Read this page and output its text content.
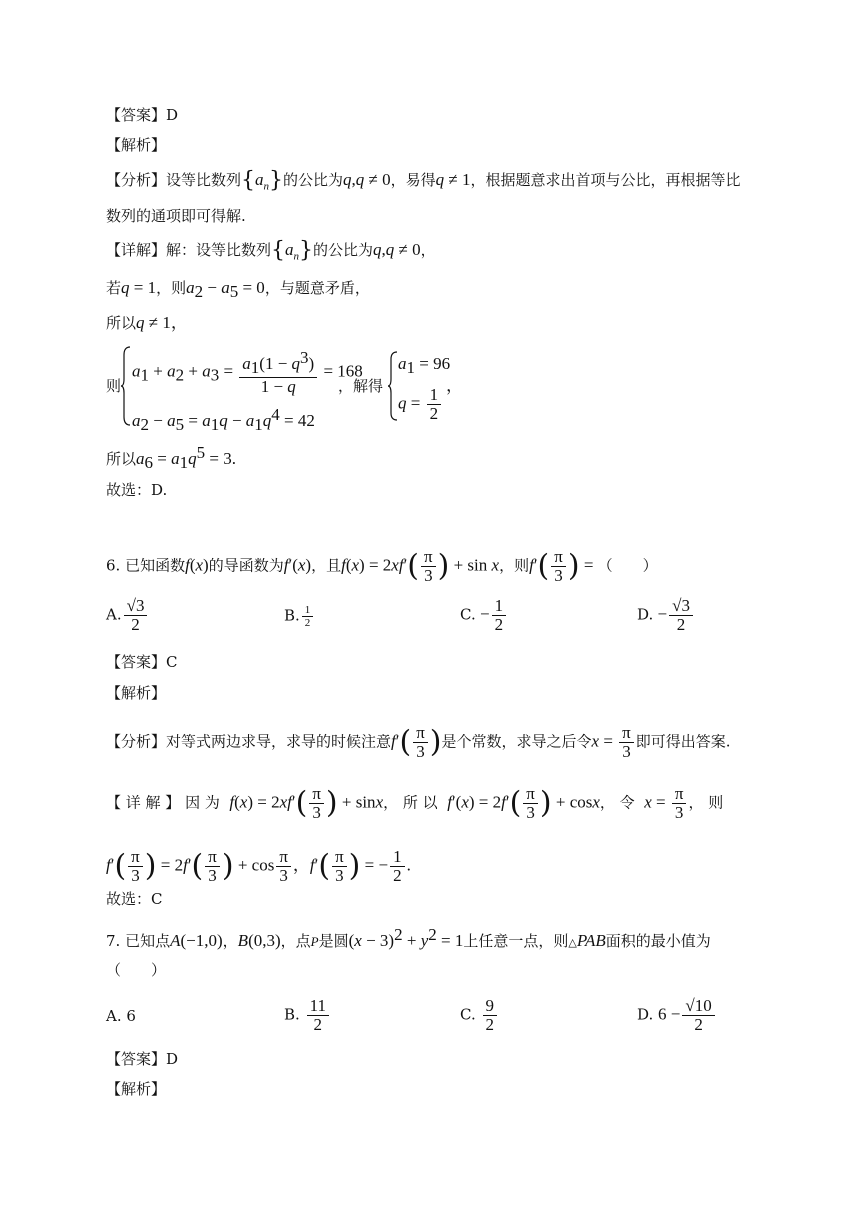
【答案】D
【解析】
【分析】设等比数列$\{a_n\}$的公比为q,q ≠ 0，易得q ≠ 1，根据题意求出首项与公比，再根据等比
数列的通项即可得解.
【详解】解：设等比数列$\{a_n\}$的公比为q,q ≠ 0，
若q = 1，则$a_2 - a_5 = 0$，与题意矛盾，
所以q ≠ 1，
则
$a_1 + a_2 + a_3 = \frac{a_1(1 - q^3)}{1 - q} = 168$
$a_2 - a_5 = a_1q - a_1q^4 = 42$
，解得
$a_1 = 96$
$q = \frac{1}{2}$
，
所以$a_6 = a_1q^5 = 3$.
故选：D.
6. 已知函数f(x)的导函数为f′(x)，且$f(x) = 2xf'( \frac{\pi}{3}$ ) + sin x，则$f'( \frac{\pi}{3}$ ) = （　　）
A. $\frac{√3}{2}$	B. $\frac{1}{2}$	C. − $\frac{1}{2}$	D. − $\frac{√3}{2}$
【答案】C
【解析】
【分析】对等式两边求导，求导的时候注意$f'( \frac{\pi}{3}$ )是个常数，求导之后令$x = \frac{\pi}{3}$ 即可得出答案.
【 详 解 】 因 为 $f(x) = 2xf'( \frac{\pi}{3}$ ) + sinx， 所 以 $f'(x) = 2f'( \frac{\pi}{3}$ ) + cosx， 令 $x = \frac{\pi}{3}$ ， 则
$f'( \frac{\pi}{3}$ ) = $2f'( \frac{\pi}{3}$ ) + $\cos \frac{\pi}{3}$ ，$f'( \frac{\pi}{3}$ ) = − $\frac{1}{2}$ .
故选：C
7. 已知点A(−1,0)，B(0,3)，点P是圆$(x - 3)^2 + y^2 = 1$上任意一点，则△PAB面积的最小值为
（　　）
A. 6	B. $\frac{11}{2}$	C. $\frac{9}{2}$	D. $6 - \frac{√10}{2}$
【答案】D
【解析】
